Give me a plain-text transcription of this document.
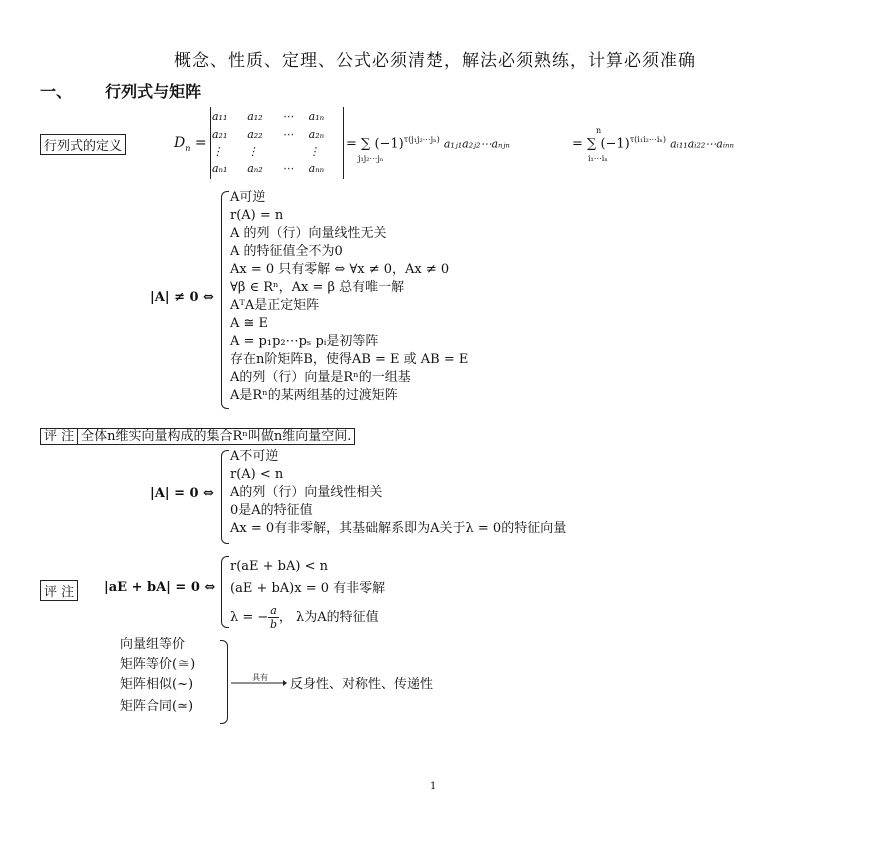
概念、性质、定理、公式必须清楚，解法必须熟练，计算必须准确
一、 行列式与矩阵
行列式的定义	$D_n$ =
a₁₁	a₁₂	⋯	a₁ₙ
a₂₁	a₂₂	⋯	a₂ₙ
⋮	⋮		⋮
aₙ₁	aₙ₂	⋯	aₙₙ
= ∑ $(-1)^{\tau(j_1j_2\cdots j_n)}$ a₁ⱼ₁a₂ⱼ₂⋯aₙⱼₙ
j₁j₂⋯jₙ
= ∑ $(-1)^{\tau(i_1i_2\cdots i_n)}$ aᵢ₁₁aᵢ₂₂⋯aᵢₙₙ
n
i₁⋯iₙ
|A| ≠ 0 ⇔
A可逆
r(A) = n
A 的列（行）向量线性无关
A 的特征值全不为0
Ax = 0 只有零解 ⇔ ∀x ≠ 0，Ax ≠ 0
∀β ∈ Rⁿ，Ax = β 总有唯一解
AᵀA是正定矩阵
A ≅ E
A = p₁p₂⋯pₛ pᵢ是初等阵
存在n阶矩阵B，使得AB = E 或 AB = E
A的列（行）向量是Rⁿ的一组基
A是Rⁿ的某两组基的过渡矩阵
评 注 全体n维实向量构成的集合Rⁿ叫做n维向量空间.
|A| = 0 ⇔
A不可逆
r(A) < n
A的列（行）向量线性相关
0是A的特征值
Ax = 0有非零解，其基础解系即为A关于λ = 0的特征向量
评 注	|aE + bA| = 0 ⇔
r(aE + bA) < n
(aE + bA)x = 0 有非零解
λ = − $\frac{a}{b}$ ， λ为A的特征值
向量组等价
矩阵等价(≅)
矩阵相似(~)
矩阵合同(≃)
具有 反身性、对称性、传递性
1
